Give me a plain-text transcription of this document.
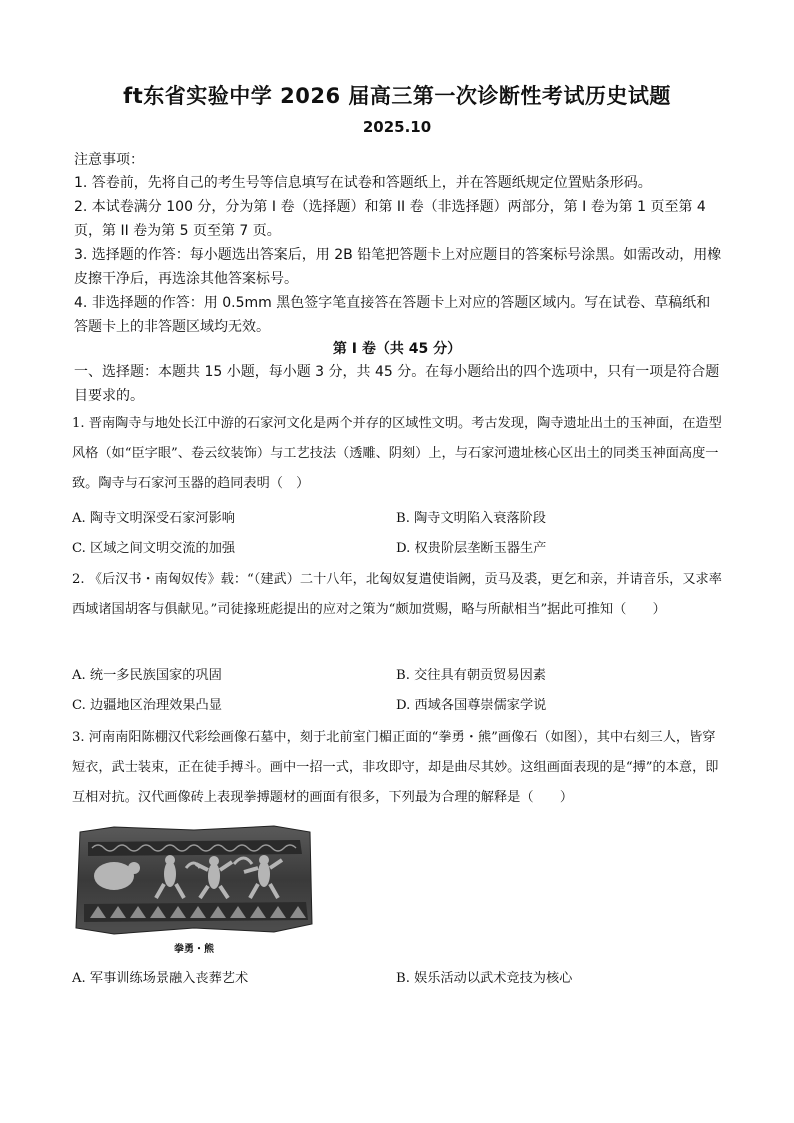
ft东省实验中学 2026 届高三第一次诊断性考试历史试题
2025.10
注意事项：
1. 答卷前，先将自己的考生号等信息填写在试卷和答题纸上，并在答题纸规定位置贴条形码。
2. 本试卷满分 100 分，分为第 I 卷（选择题）和第 II 卷（非选择题）两部分，第 I 卷为第 1 页至第 4 页，第 II 卷为第 5 页至第 7 页。
3. 选择题的作答：每小题选出答案后，用 2B 铅笔把答题卡上对应题目的答案标号涂黑。如需改动，用橡皮擦干净后，再选涂其他答案标号。
4. 非选择题的作答：用 0.5mm 黑色签字笔直接答在答题卡上对应的答题区域内。写在试卷、草稿纸和答题卡上的非答题区域均无效。
第 I 卷（共 45 分）
一、选择题：本题共 15 小题，每小题 3 分，共 45 分。在每小题给出的四个选项中，只有一项是符合题目要求的。
1. 晋南陶寺与地处长江中游的石家河文化是两个并存的区域性文明。考古发现，陶寺遗址出土的玉神面，在造型风格（如“臣字眼”、卷云纹装饰）与工艺技法（透雕、阴刻）上，与石家河遗址核心区出土的同类玉神面高度一致。陶寺与石家河玉器的趋同表明（　）
A. 陶寺文明深受石家河影响	B. 陶寺文明陷入衰落阶段
C. 区域之间文明交流的加强	D. 权贵阶层垄断玉器生产
2. 《后汉书・南匈奴传》载：“（建武）二十八年，北匈奴复遣使诣阙，贡马及裘，更乞和亲，并请音乐，又求率西域诸国胡客与俱献见。”司徒掾班彪提出的应对之策为“颇加赏赐，略与所献相当”据此可推知（　　）
A. 统一多民族国家的巩固	B. 交往具有朝贡贸易因素
C. 边疆地区治理效果凸显	D. 西域各国尊崇儒家学说
3. 河南南阳陈棚汉代彩绘画像石墓中，刻于北前室门楣正面的“拳勇・熊”画像石（如图），其中右刻三人，皆穿短衣，武士装束，正在徒手搏斗。画中一招一式，非攻即守，却是曲尽其妙。这组画面表现的是“搏”的本意，即互相对抗。汉代画像砖上表现拳搏题材的画面有很多，下列最为合理的解释是（　　）
拳勇・熊
A. 军事训练场景融入丧葬艺术	B. 娱乐活动以武术竞技为核心
